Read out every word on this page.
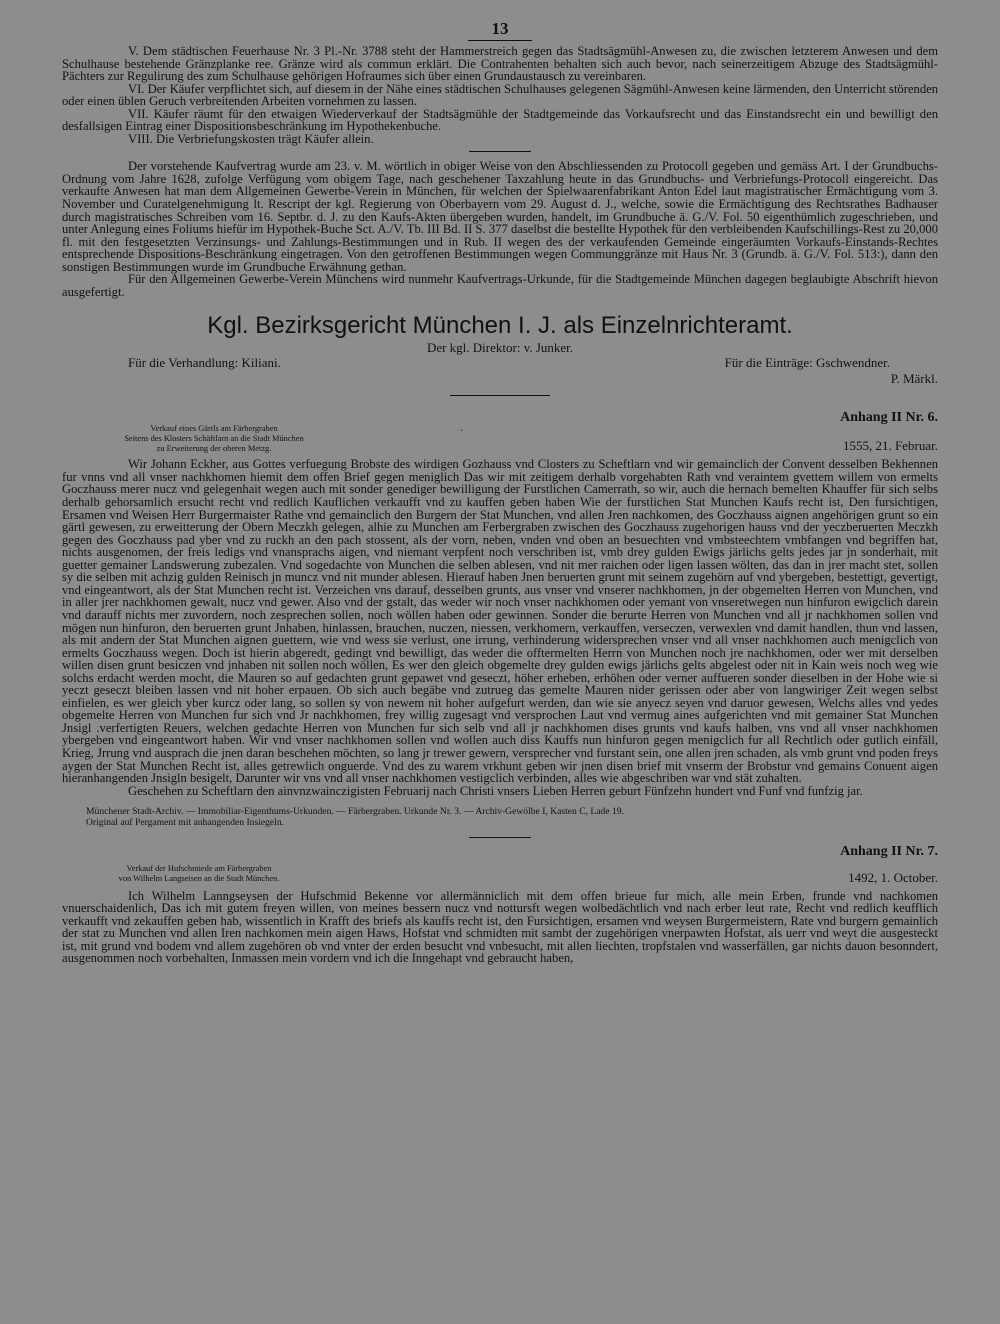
13

V. Dem städtischen Feuerhause Nr. 3 Pl.-Nr. 3788 steht der Hammerstreich gegen das Stadtsägmühl-Anwesen zu, die zwischen letzterem Anwesen und dem Schulhause bestehende Gränzplanke ree. Gränze wird als commun erklärt. Die Contrahenten behalten sich auch bevor, nach seinerzeitigem Abzuge des Stadtsägmühl-Pächters zur Regulirung des zum Schulhause gehörigen Hofraumes sich über einen Grundaustausch zu vereinbaren.

VI. Der Käufer verpflichtet sich, auf diesem in der Nähe eines städtischen Schulhauses gelegenen Sägmühl-Anwesen keine lärmenden, den Unterricht störenden oder einen üblen Geruch verbreitenden Arbeiten vornehmen zu lassen.

VII. Käufer räumt für den etwaigen Wiederverkauf der Stadtsägmühle der Stadtgemeinde das Vorkaufsrecht und das Einstandsrecht ein und bewilligt den desfallsigen Eintrag einer Dispositionsbeschränkung im Hypothekenbuche.

VIII. Die Verbriefungskosten trägt Käufer allein.

Der vorstehende Kaufvertrag wurde am 23. v. M. wörtlich in obiger Weise von den Abschliessenden zu Protocoll gegeben und gemäss Art. I der Grundbuchs-Ordnung vom Jahre 1628, zufolge Verfügung vom obigem Tage, nach geschehener Taxzahlung heute in das Grundbuchs- und Verbriefungs-Protocoll eingereicht. Das verkaufte Anwesen hat man dem Allgemeinen Gewerbe-Verein in München, für welchen der Spielwaarenfabrikant Anton Edel laut magistratischer Ermächtigung vom 3. November und Curatelgenehmigung lt. Rescript der kgl. Regierung von Oberbayern vom 29. August d. J., welche, sowie die Ermächtigung des Rechtsrathes Badhauser durch magistratisches Schreiben vom 16. Septbr. d. J. zu den Kaufs-Akten übergeben wurden, handelt, im Grundbuche ä. G./V. Fol. 50 eigenthümlich zugeschrieben, und unter Anlegung eines Foliums hiefür im Hypothek-Buche Sct. A./V. Tb. III Bd. II S. 377 daselbst die bestellte Hypothek für den verbleibenden Kaufschillings-Rest zu 20,000 fl. mit den festgesetzten Verzinsungs- und Zahlungs-Bestimmungen und in Rub. II wegen des der verkaufenden Gemeinde eingeräumten Vorkaufs-Einstands-Rechtes entsprechende Dispositions-Beschränkung eingetragen. Von den getroffenen Bestimmungen wegen Communggränze mit Haus Nr. 3 (Grundb. ä. G./V. Fol. 513:), dann den sonstigen Bestimmungen wurde im Grundbuche Erwähnung gethan.

Für den Allgemeinen Gewerbe-Verein Münchens wird nunmehr Kaufvertrags-Urkunde, für die Stadtgemeinde München dagegen beglaubigte Abschrift hievon ausgefertigt.

Kgl. Bezirksgericht München I. J. als Einzelnrichteramt.
Der kgl. Direktor: v. Junker.
Für die Verhandlung: Kiliani.	Für die Einträge: Gschwendner.
P. Märkl.
Verkauf eines Gärtls am Färbergraben
Seitens des Klosters Schäftlarn an die Stadt München
zu Erweiterung der oberen Metzg.
·
Anhang II Nr. 6.
1555, 21. Februar.

Wir Johann Eckher, aus Gottes verfuegung Brobste des wirdigen Gozhauss vnd Closters zu Scheftlarn vnd wir gemainclich der Convent desselben Bekhennen fur vnns vnd all vnser nachkhomen hiemit dem offen Brief gegen meniglich Das wir mit zeitigem derhalb vorgehabten Rath vnd veraintem gvettem willem von ermelts Goczhauss merer nucz vnd gelegenhait wegen auch mit sonder genediger bewilligung der Furstlichen Camerrath, so wir, auch die hernach bemelten Khauffer für sich selbs derhalb gehorsamlich ersucht recht vnd redlich Kauflichen verkaufft vnd zu kauffen geben haben Wie der furstlichen Stat Munchen Kaufs recht ist, Den fursichtigen, Ersamen vnd Weisen Herr Burgermaister Rathe vnd gemainclich den Burgern der Stat Munchen, vnd allen Jren nachkomen, des Goczhauss aignen angehörigen grunt so ein gärtl gewesen, zu erweitterung der Obern Meczkh gelegen, alhie zu Munchen am Ferbergraben zwischen des Goczhauss zugehorigen hauss vnd der yeczberuerten Meczkh gegen des Goczhauss pad yber vnd zu ruckh an den pach stossent, als der vorn, neben, vnden vnd oben an besuechten vnd vmbsteechtem vmbfangen vnd begriffen hat, nichts ausgenomen, der freis ledigs vnd vnansprachs aigen, vnd niemant verpfent noch verschriben ist, vmb drey gulden Ewigs järlichs gelts jedes jar jn sonderhait, mit guetter gemainer Landswerung zubezalen. Vnd sogedachte von Munchen die selben ablesen, vnd nit mer raichen oder ligen lassen wölten, das dan in jrer macht stet, sollen sy die selben mit achzig gulden Reinisch jn muncz vnd nit munder ablesen. Hierauf haben Jnen beruerten grunt mit seinem zugehörn auf vnd ybergeben, bestettigt, gevertigt, vnd eingeantwort, als der Stat Munchen recht ist. Verzeichen vns darauf, desselben grunts, aus vnser vnd vnserer nachkhomen, jn der obgemelten Herren von Munchen, vnd in aller jrer nachkhomen gewalt, nucz vnd gewer. Also vnd der gstalt, das weder wir noch vnser nachkhomen oder yemant von vnseretwegen nun hinfuron ewigclich darein vnd darauff nichts mer zuvordern, noch zesprechen sollen, noch wöllen haben oder gewinnen. Sonder die berurte Herren von Munchen vnd all jr nachkhomen sollen vnd mögen nun hinfuron, den beruerten grunt Jnhaben, hinlassen, brauchen, nuczen, niessen, verkhomern, verkauffen, verseczen, verwexlen vnd damit handlen, thun vnd lassen, als mit andern der Stat Munchen aignen guettern, wie vnd wess sie verlust, one irrung, verhinderung widersprechen vnser vnd all vnser nachkhomen auch menigclich von ermelts Goczhauss wegen. Doch ist hierin abgeredt, gedingt vnd bewilligt, das weder die offtermelten Herrn von Munchen noch jre nachkhomen, oder wer mit derselben willen disen grunt besiczen vnd jnhaben nit sollen noch wöllen, Es wer den gleich obgemelte drey gulden ewigs järlichs gelts abgelest oder nit in Kain weis noch weg wie solchs erdacht werden mocht, die Mauren so auf gedachten grunt gepawet vnd geseczt, höher erheben, erhöhen oder verner auffueren sonder dieselben in der Hohe wie si yeczt geseczt bleiben lassen vnd nit hoher erpauen. Ob sich auch begäbe vnd zutrueg das gemelte Mauren nider gerissen oder aber von langwiriger Zeit wegen selbst einfielen, es wer gleich yber kurcz oder lang, so sollen sy von newem nit hoher aufgefurt werden, dan wie sie anyecz seyen vnd daruor gewesen, Welchs alles vnd yedes obgemelte Herren von Munchen fur sich vnd Jr nachkhomen, frey willig zugesagt vnd versprochen Laut vnd vermug aines aufgerichten vnd mit gemainer Stat Munchen Jnsigl .verfertigten Reuers, welchen gedachte Herren von Munchen fur sich selb vnd all jr nachkhomen dises grunts vnd kaufs halben, vns vnd all vnser nachkhomen ybergeben vnd eingeantwort haben. Wir vnd vnser nachkhomen sollen vnd wollen auch diss Kauffs nun hinfuron gegen menigclich fur all Rechtlich oder gutlich einfäll, Krieg, Jrrung vnd ausprach die jnen daran beschehen möchten, so lang jr trewer gewern, versprecher vnd furstant sein, one allen jren schaden, als vmb grunt vnd poden freys aygen der Stat Munchen Recht ist, alles getrewlich onguerde. Vnd des zu warem vrkhunt geben wir jnen disen brief mit vnserm der Brobstur vnd gemains Conuent aigen hieranhangenden Jnsigln besigelt, Darunter wir vns vnd all vnser nachkhomen vestigclich verbinden, alles wie abgeschriben war vnd stät zuhalten.

Geschehen zu Scheftlarn den ainvnzwainczigisten Februarij nach Christi vnsers Lieben Herren geburt Fünfzehn hundert vnd Funf vnd funfzig jar.

Münchener Stadt-Archiv. — Immobiliar-Eigenthums-Urkunden. — Färbergraben. Urkunde Nr. 3. — Archiv-Gewölbe I, Kasten C, Lade 19.
Original auf Pergament mit anhangenden Insiegeln.
Verkauf der Hufschmiede am Färbergraben
von Wilhelm Langseisen an die Stadt München.
Anhang II Nr. 7.
1492, 1. October.

Ich Wilhelm Lanngseysen der Hufschmid Bekenne vor allermänniclich mit dem offen brieue fur mich, alle mein Erben, frunde vnd nachkomen vnuerschaidenlich, Das ich mit gutem freyen willen, von meines bessern nucz vnd nottursft wegen wolbedächtlich vnd nach erber leut rate, Recht vnd redlich keufflich verkaufft vnd zekauffen geben hab, wissentlich in Krafft des briefs als kauffs recht ist, den Fursichtigen, ersamen vnd weysen Burgermeistern, Rate vnd burgern gemainlich der stat zu Munchen vnd allen Iren nachkomen mein aigen Haws, Hofstat vnd schmidten mit sambt der zugehörigen vnerpawten Hofstat, als uerr vnd weyt die ausgesteckt ist, mit grund vnd bodem vnd allem zugehören ob vnd vnter der erden besucht vnd vnbesucht, mit allen liechten, tropfstalen vnd wasserfällen, gar nichts dauon besonndert, ausgenommen noch vorbehalten, Inmassen mein vordern vnd ich die Inngehapt vnd gebraucht haben,
